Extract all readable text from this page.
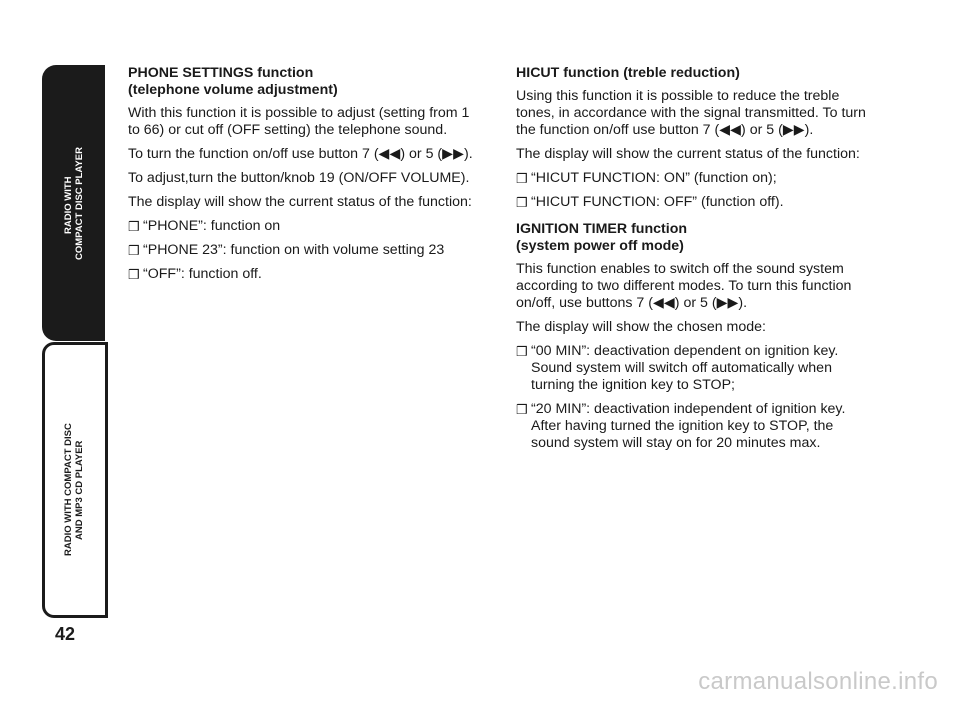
RADIO WITH
COMPACT DISC PLAYER
RADIO WITH COMPACT DISC
AND MP3 CD PLAYER
42
PHONE SETTINGS function
(telephone volume adjustment)

With this function it is possible to adjust (setting from 1 to 66) or cut off (OFF setting) the telephone sound.

To turn the function on/off use button 7 (◀◀) or 5 (▶▶).

To adjust,turn the button/knob 19 (ON/OFF VOLUME).

The display will show the current status of the function:

❒ “PHONE”: function on
❒ “PHONE 23”: function on with volume setting 23
❒ “OFF”: function off.
HICUT function (treble reduction)

Using this function it is possible to reduce the treble tones, in accordance with the signal transmitted. To turn the function on/off use button 7 (◀◀) or 5 (▶▶).

The display will show the current status of the function:

❒ “HICUT FUNCTION: ON” (function on);
❒ “HICUT FUNCTION: OFF” (function off).
IGNITION TIMER function
(system power off mode)

This function enables to switch off the sound system according to two different modes. To turn this function on/off, use buttons 7 (◀◀) or 5 (▶▶).

The display will show the chosen mode:

❒ “00 MIN”: deactivation dependent on ignition key. Sound system will switch off automatically when turning the ignition key to STOP;
❒ “20 MIN”: deactivation independent of ignition key. After having turned the ignition key to STOP, the sound system will stay on for 20 minutes max.
carmanualsonline.info
